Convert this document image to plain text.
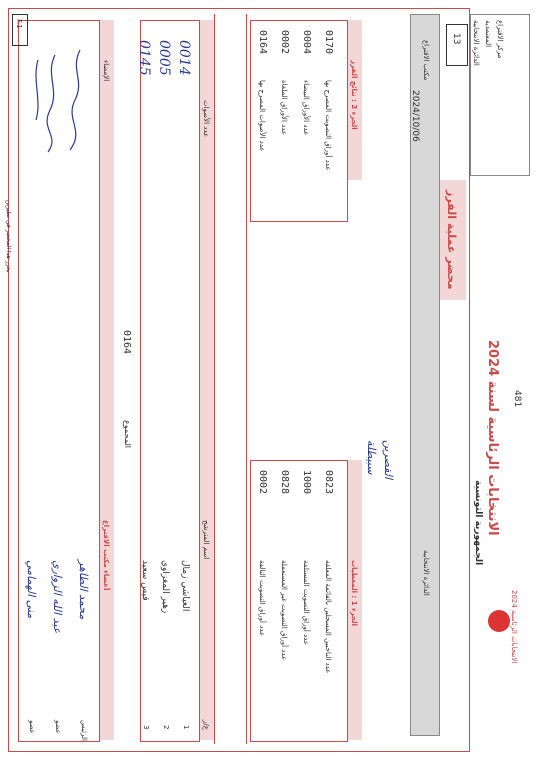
الانتخابات الرئاسية لسنة 2024
الجمهورية التونسية
الانتخابات الرئاسية 2024
481
الدائرة الانتخابية المعتمدية مركز الاقتراع
محضر عملية الفرز
مكتب الاقتراع
الدائرة الانتخابية
2024/10/06
13
القصرين
سبيطلة
الجزء 1 : المعطيات
عدد الناخبين المسجلين بالقائمة المعلقة
عدد أوراق التصويت المستلمة
عدد أوراق التصويت غير المستعملة
عدد أوراق التصويت التالفة
0823
1000
0828
0002
الجزء 2 : نتائج الفرز
عدد أوراق التصويت المصرح بها
عدد الأوراق البيضاء
عدد الأوراق الملغاة
عدد الأصوات المصرح بها
0170
0004
0002
0164
ع/ر
اسم المترشح
عدد الأصوات
1
2
3
العياشي زمال
زهير المغزاوي
قيس سعيد
0014
0005
0145
المجموع
0164
أعضاء مكتب الاقتراع
الإمضاء
الرئيس
عضو
عضو
محمد الطاهر
عبد الله الزواري
منى الهمامي
يحرر هذا المحضر في نظيرين
F.1
